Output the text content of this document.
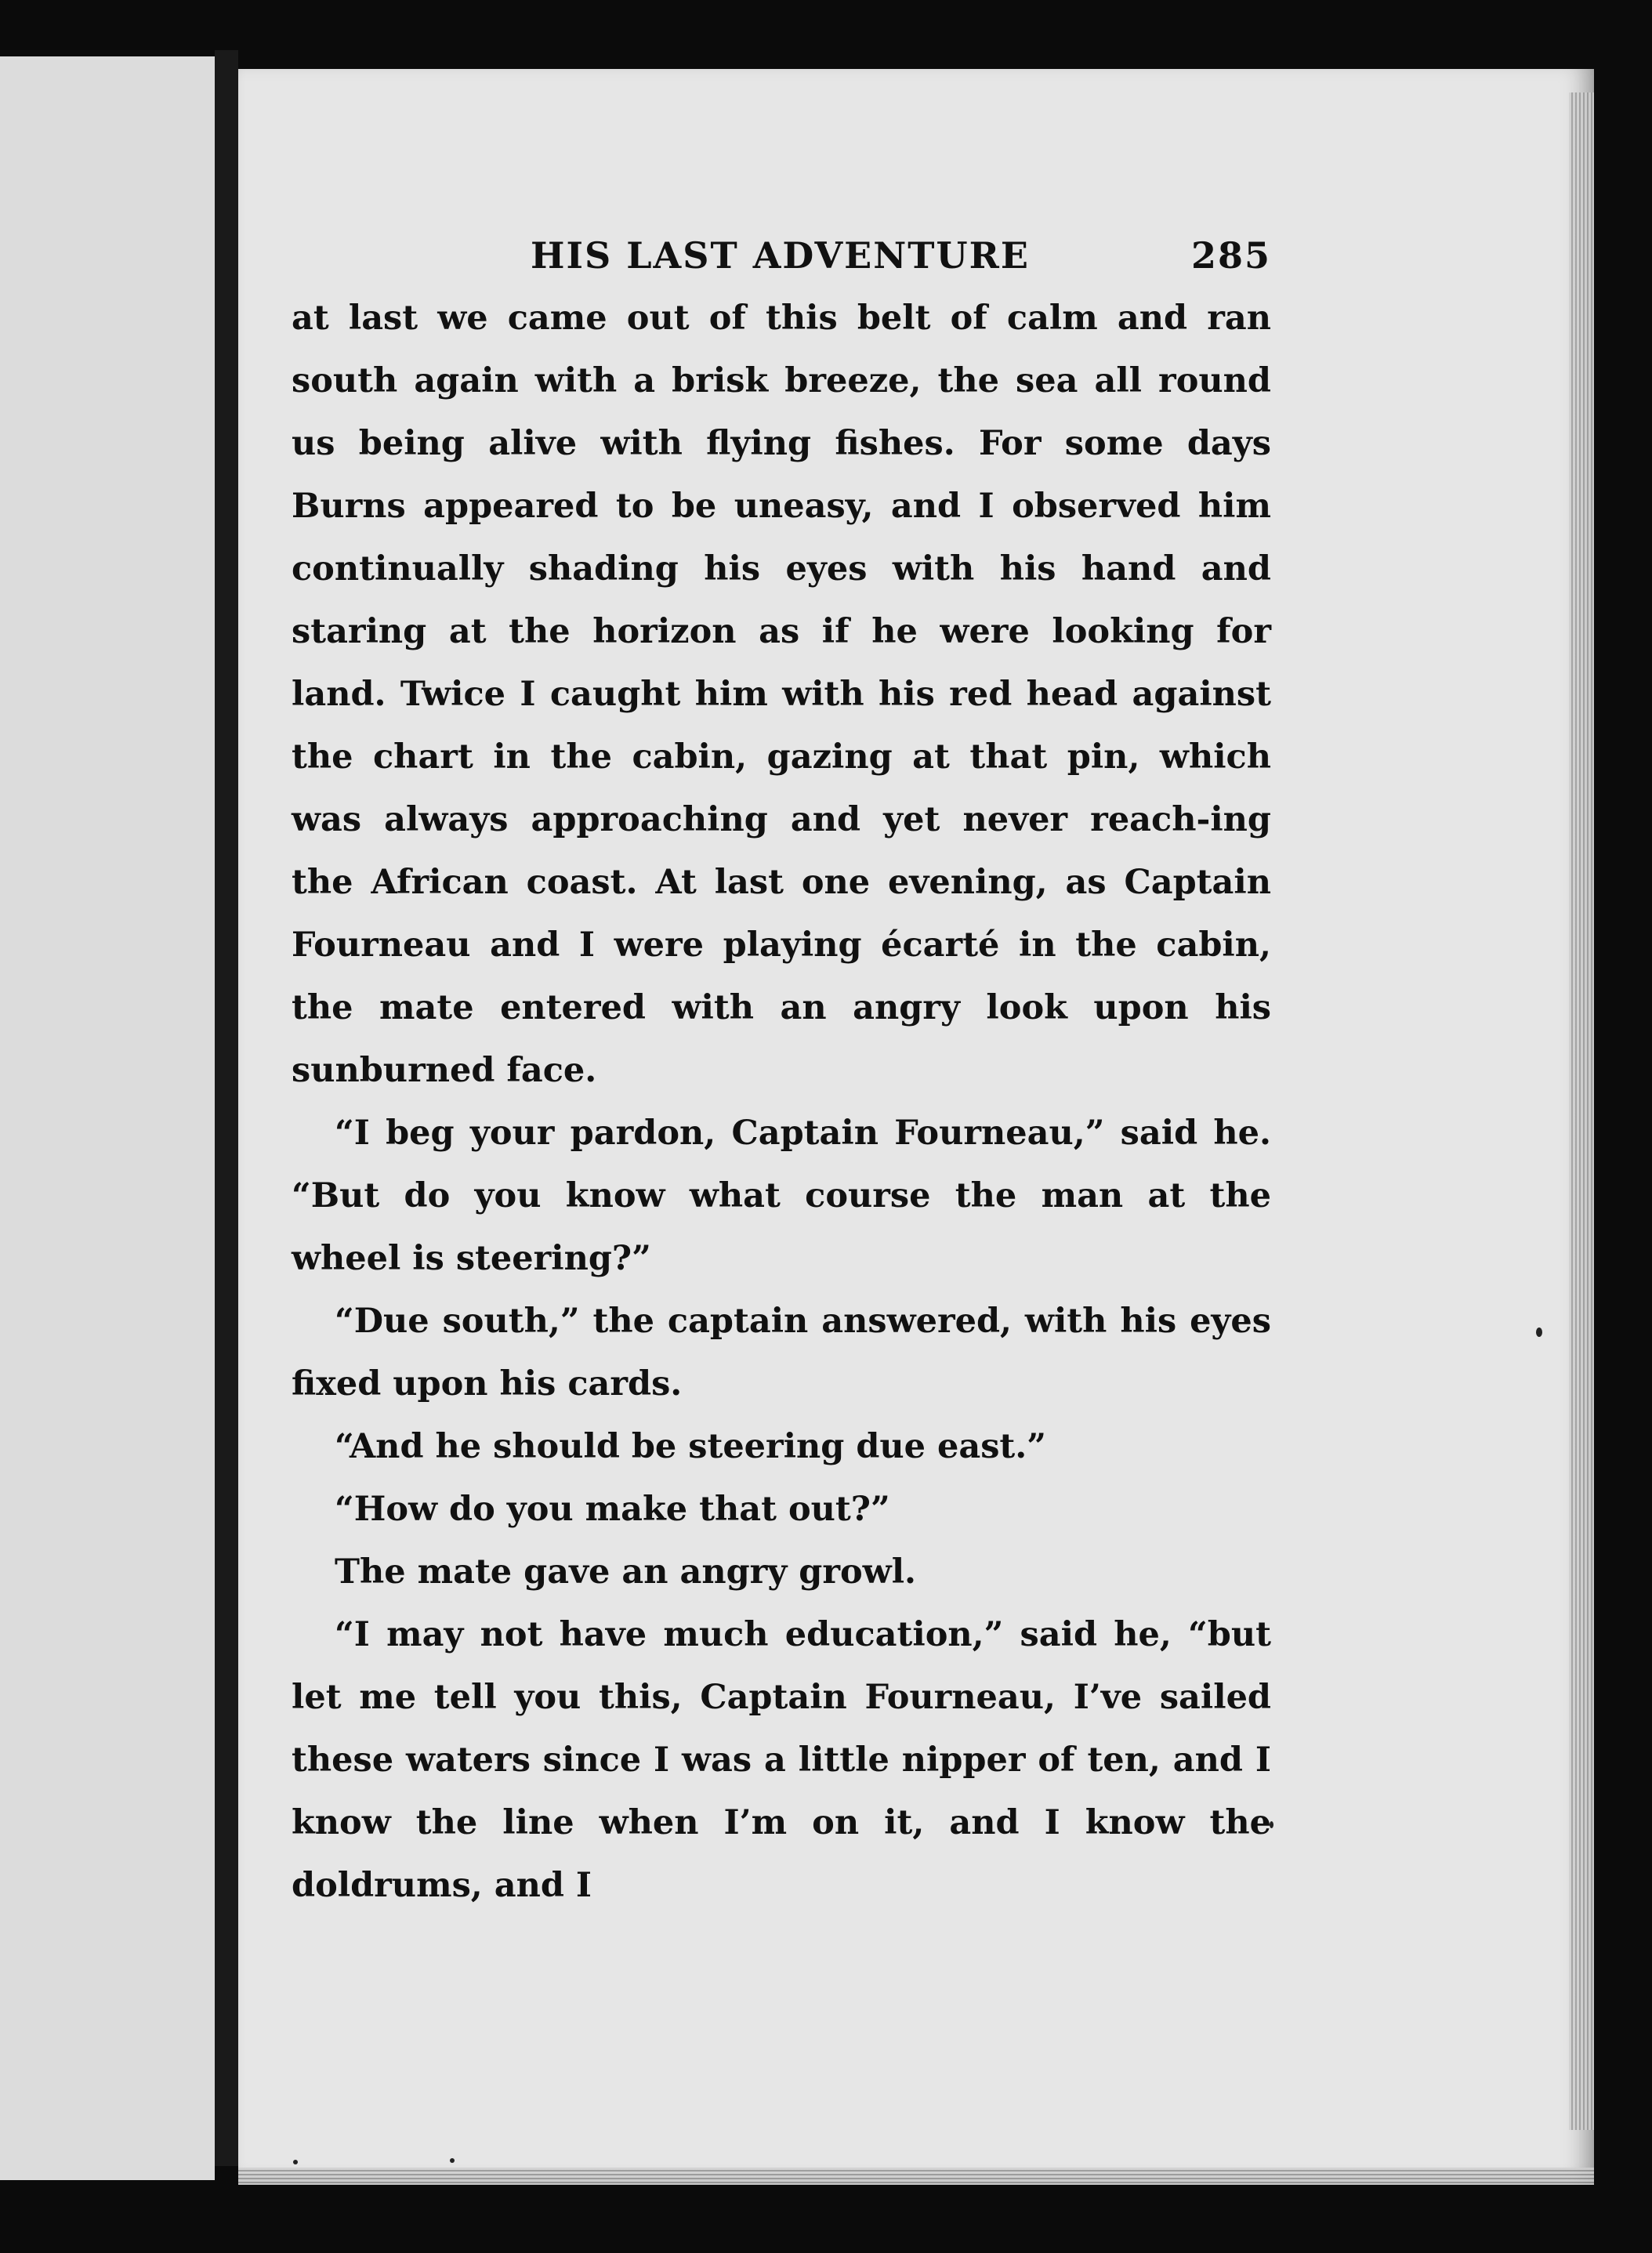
HIS LAST ADVENTURE	285

at last we came out of this belt of calm and ran south again with a brisk breeze, the sea all round us being alive with flying fishes. For some days Burns appeared to be uneasy, and I observed him continually shading his eyes with his hand and staring at the horizon as if he were looking for land. Twice I caught him with his red head against the chart in the cabin, gazing at that pin, which was always approaching and yet never reach-ing the African coast. At last one evening, as Captain Fourneau and I were playing écarté in the cabin, the mate entered with an angry look upon his sunburned face.

“I beg your pardon, Captain Fourneau,” said he. “But do you know what course the man at the wheel is steering?”

“Due south,” the captain answered, with his eyes fixed upon his cards.

“And he should be steering due east.”

“How do you make that out?”

The mate gave an angry growl.

“I may not have much education,” said he, “but let me tell you this, Captain Fourneau, I’ve sailed these waters since I was a little nipper of ten, and I know the line when I’m on it, and I know the doldrums, and I
